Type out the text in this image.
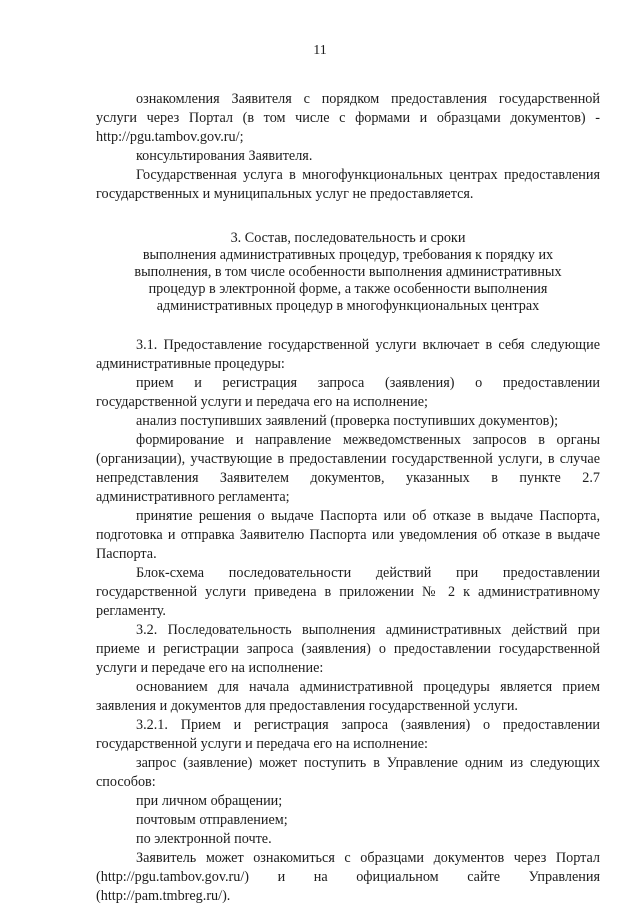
11

ознакомления Заявителя с порядком предоставления государственной услуги через Портал (в том числе с формами и образцами документов) - http://pgu.tambov.gov.ru/;

консультирования Заявителя.

Государственная услуга в многофункциональных центрах предоставления государственных и муниципальных услуг не предоставляется.

3. Состав, последовательность и сроки

выполнения административных процедур, требования к порядку их

выполнения, в том числе особенности выполнения административных

процедур в электронной форме, а также особенности выполнения

административных процедур в многофункциональных центрах

3.1. Предоставление государственной услуги включает в себя следующие административные процедуры:

прием и регистрация запроса (заявления) о предоставлении государственной услуги и передача его на исполнение;

анализ поступивших заявлений (проверка поступивших документов);

формирование и направление межведомственных запросов в органы (организации), участвующие в предоставлении государственной услуги, в случае непредставления Заявителем документов, указанных в пункте 2.7 административного регламента;

принятие решения о выдаче Паспорта или об отказе в выдаче Паспорта, подготовка и отправка Заявителю Паспорта или уведомления об отказе в выдаче Паспорта.

Блок-схема последовательности действий при предоставлении государственной услуги приведена в приложении № 2 к административному регламенту.

3.2. Последовательность выполнения административных действий при приеме и регистрации запроса (заявления) о предоставлении государственной услуги и передаче его на исполнение:

основанием для начала административной процедуры является прием заявления и документов для предоставления государственной услуги.

3.2.1. Прием и регистрация запроса (заявления) о предоставлении государственной услуги и передача его на исполнение:

запрос (заявление) может поступить в Управление одним из следующих способов:

при личном обращении;

почтовым отправлением;

по электронной почте.

Заявитель может ознакомиться с образцами документов через Портал (http://pgu.tambov.gov.ru/) и на официальном сайте Управления (http://pam.tmbreg.ru/).
